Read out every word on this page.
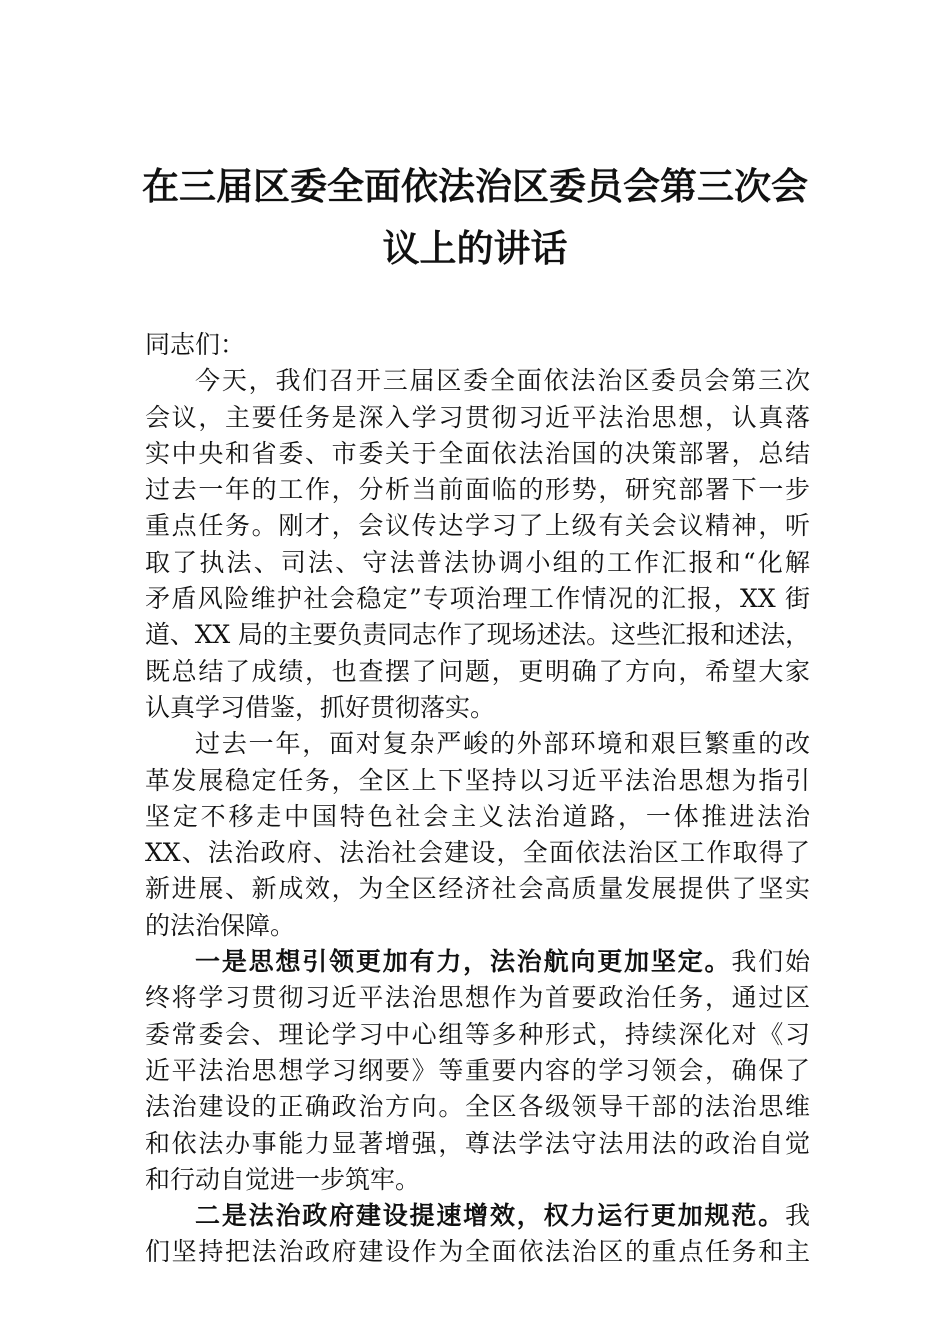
在三届区委全面依法治区委员会第三次会
议上的讲话
同志们：
今天，我们召开三届区委全面依法治区委员会第三次
会议，主要任务是深入学习贯彻习近平法治思想，认真落
实中央和省委、市委关于全面依法治国的决策部署，总结
过去一年的工作，分析当前面临的形势，研究部署下一步
重点任务。刚才，会议传达学习了上级有关会议精神，听
取了执法、司法、守法普法协调小组的工作汇报和“化解
矛盾风险维护社会稳定”专项治理工作情况的汇报，XX 街
道、XX 局的主要负责同志作了现场述法。这些汇报和述法，
既总结了成绩，也查摆了问题，更明确了方向，希望大家
认真学习借鉴，抓好贯彻落实。
过去一年，面对复杂严峻的外部环境和艰巨繁重的改
革发展稳定任务，全区上下坚持以习近平法治思想为指引
坚定不移走中国特色社会主义法治道路，一体推进法治
XX、法治政府、法治社会建设，全面依法治区工作取得了
新进展、新成效，为全区经济社会高质量发展提供了坚实
的法治保障。
一是思想引领更加有力，法治航向更加坚定。我们始
终将学习贯彻习近平法治思想作为首要政治任务，通过区
委常委会、理论学习中心组等多种形式，持续深化对《习
近平法治思想学习纲要》等重要内容的学习领会，确保了
法治建设的正确政治方向。全区各级领导干部的法治思维
和依法办事能力显著增强，尊法学法守法用法的政治自觉
和行动自觉进一步筑牢。
二是法治政府建设提速增效，权力运行更加规范。我
们坚持把法治政府建设作为全面依法治区的重点任务和主
